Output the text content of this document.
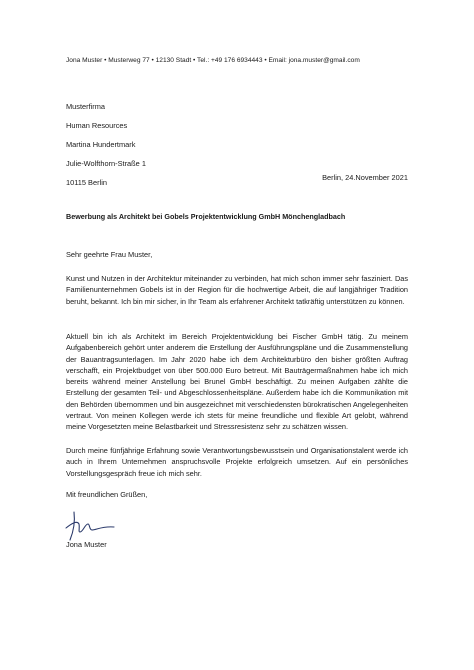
Jona Muster • Musterweg 77 • 12130 Stadt • Tel.: +49 176 6934443 • Email: jona.muster@gmail.com
Musterfirma
Human Resources
Martina Hundertmark
Julie-Wolfthorn-Straße 1
10115 Berlin
Berlin, 24.November 2021
Bewerbung als Architekt bei Gobels Projektentwicklung GmbH Mönchengladbach
Sehr geehrte Frau Muster,

Kunst und Nutzen in der Architektur miteinander zu verbinden, hat mich schon immer sehr fasziniert. Das Familienunternehmen Gobels ist in der Region für die hochwertige Arbeit, die auf langjähriger Tradition beruht, bekannt. Ich bin mir sicher, in Ihr Team als erfahrener Architekt tatkräftig unterstützen zu können.

Aktuell bin ich als Architekt im Bereich Projektentwicklung bei Fischer GmbH tätig. Zu meinem Aufgabenbereich gehört unter anderem die Erstellung der Ausführungspläne und die Zusammenstellung der Bauantragsunterlagen. Im Jahr 2020 habe ich dem Architekturbüro den bisher größten Auftrag verschafft, ein Projektbudget von über 500.000 Euro betreut. Mit Bauträgermaßnahmen habe ich mich bereits während meiner Anstellung bei Brunel GmbH beschäftigt. Zu meinen Aufgaben zählte die Erstellung der gesamten Teil- und Abgeschlossenheitspläne. Außerdem habe ich die Kommunikation mit den Behörden übernommen und bin ausgezeichnet mit verschiedensten bürokratischen Angelegenheiten vertraut. Von meinen Kollegen werde ich stets für meine freundliche und flexible Art gelobt, während meine Vorgesetzten meine Belastbarkeit und Stressresistenz sehr zu schätzen wissen.

Durch meine fünfjährige Erfahrung sowie Verantwortungsbewusstsein und Organisationstalent werde ich auch in Ihrem Unternehmen anspruchsvolle Projekte erfolgreich umsetzen. Auf ein persönliches Vorstellungsgespräch freue ich mich sehr.

Mit freundlichen Grüßen,
Jona Muster
